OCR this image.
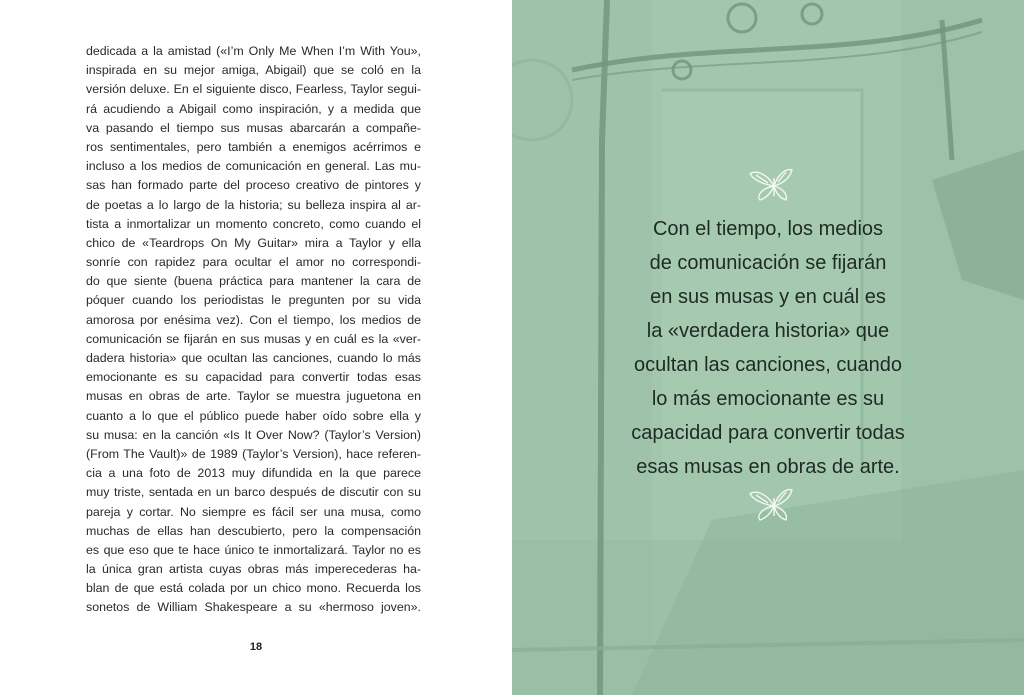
dedicada a la amistad («I’m Only Me When I’m With You»,
inspirada en su mejor amiga, Abigail) que se coló en la
versión deluxe. En el siguiente disco, Fearless, Taylor segui-
rá acudiendo a Abigail como inspiración, y a medida que
va pasando el tiempo sus musas abarcarán a compañe-
ros sentimentales, pero también a enemigos acérrimos e
incluso a los medios de comunicación en general. Las mu-
sas han formado parte del proceso creativo de pintores y
de poetas a lo largo de la historia; su belleza inspira al ar-
tista a inmortalizar un momento concreto, como cuando el
chico de «Teardrops On My Guitar» mira a Taylor y ella
sonríe con rapidez para ocultar el amor no correspondi-
do que siente (buena práctica para mantener la cara de
póquer cuando los periodistas le pregunten por su vida
amorosa por enésima vez). Con el tiempo, los medios de
comunicación se fijarán en sus musas y en cuál es la «ver-
dadera historia» que ocultan las canciones, cuando lo más
emocionante es su capacidad para convertir todas esas
musas en obras de arte. Taylor se muestra juguetona en
cuanto a lo que el público puede haber oído sobre ella y
su musa: en la canción «Is It Over Now? (Taylor’s Version)
(From The Vault)» de 1989 (Taylor’s Version), hace referen-
cia a una foto de 2013 muy difundida en la que parece
muy triste, sentada en un barco después de discutir con su
pareja y cortar. No siempre es fácil ser una musa, como
muchas de ellas han descubierto, pero la compensación
es que eso que te hace único te inmortalizará. Taylor no es
la única gran artista cuyas obras más imperecederas ha-
blan de que está colada por un chico mono. Recuerda los
sonetos de William Shakespeare a su «hermoso joven».

18
Con el tiempo, los medios
de comunicación se fijarán
en sus musas y en cuál es
la «verdadera historia» que
ocultan las canciones, cuando
lo más emocionante es su
capacidad para convertir todas
esas musas en obras de arte.
